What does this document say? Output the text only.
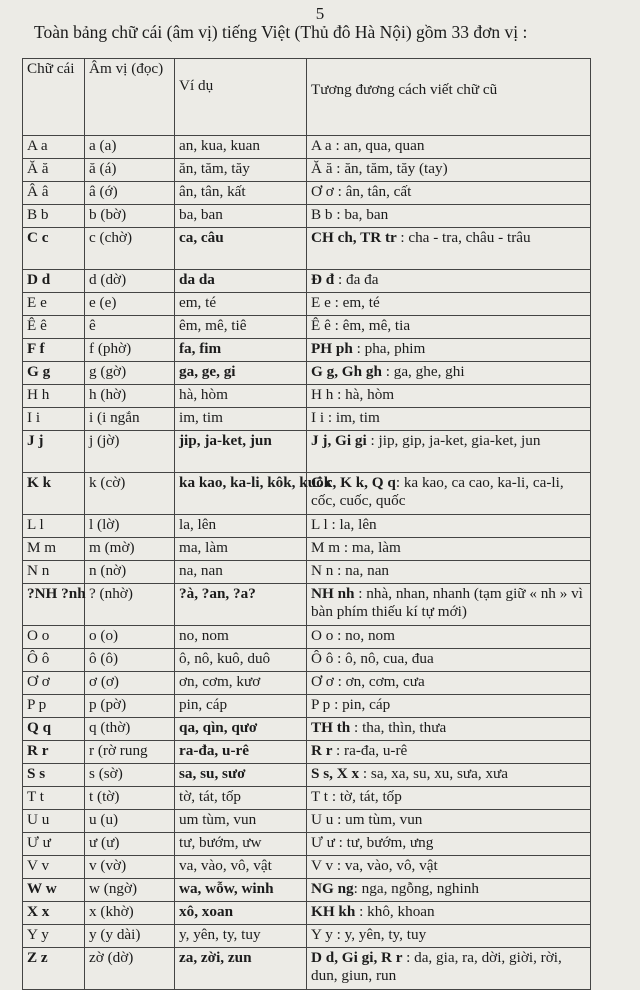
5
Toàn bảng chữ cái (âm vị) tiếng Việt (Thủ đô Hà Nội) gồm 33 đơn vị :
Chữ cái	Âm vị (đọc)	Ví dụ	Tương đương cách viết chữ cũ
A a	a (a)	an, kua, kuan	A a : an, qua, quan
Ă ă	ă (á)	ăn, tăm, tăy	Ă ă : ăn, tăm, tăy (tay)
Â â	â (ớ)	ân, tân, kất	Ơ ơ : ân, tân, cất
B b	b (bờ)	ba, ban	B b : ba, ban
C c	c (chờ)	ca, câu	CH ch, TR tr : cha - tra, châu - trâu
D d	d (dờ)	da da	Đ đ : đa đa
E e	e (e)	em, té	E e : em, té
Ê ê	ê	êm, mê, tiê	Ê ê : êm, mê, tia
F f	f (phờ)	fa, fim	PH ph : pha, phim
G g	g (gờ)	ga, ge, gi	G g, Gh gh : ga, ghe, ghi
H h	h (hờ)	hà, hòm	H h : hà, hòm
I i	i (i ngắn	im, tim	I i : im, tim
J j	j (jờ)	jip, ja-ket, jun	J j, Gi gi : jip, gip, ja-ket, gia-ket, jun
K k	k (cờ)	ka kao, ka-li, kôk, kuôk	C c, K k, Q q: ka kao, ca cao, ka-li, ca-li, cốc, cuốc, quốc
L l	l (lờ)	la, lên	L l : la, lên
M m	m (mờ)	ma, làm	M m : ma, làm
N n	n (nờ)	na, nan	N n : na, nan
?NH ?nh	? (nhờ)	?à, ?an, ?a?	NH nh : nhà, nhan, nhanh (tạm giữ « nh » vì bàn phím thiếu kí tự mới)
O o	o (o)	no, nom	O o : no, nom
Ô ô	ô (ô)	ô, nô, kuô, duô	Ô ô : ô, nô, cua, đua
Ơ ơ	ơ (ơ)	ơn, cơm, kươ	Ơ ơ : ơn, cơm, cưa
P p	p (pờ)	pin, cáp	P p : pin, cáp
Q q	q (thờ)	qa, qìn, qươ	TH th : tha, thìn, thưa
R r	r (rờ rung	ra-đa, u-rê	R r : ra-đa, u-rê
S s	s (sờ)	sa, su, sươ	S s, X x : sa, xa, su, xu, sưa, xưa
T t	t (tờ)	tờ, tát, tốp	T t : tờ, tát, tốp
U u	u (u)	um tùm, vun	U u : um tùm, vun
Ư ư	ư (ư)	tư, bướm, ưw	Ư ư : tư, bướm, ưng
V v	v (vờ)	va, vào, vô, vật	V v : va, vào, vô, vật
W w	w (ngờ)	wa, wỗw, winh	NG ng: nga, ngỗng, nghinh
X x	x (khờ)	xô, xoan	KH kh : khô, khoan
Y y	y (y dài)	y, yên, ty, tuy	Y y : y, yên, ty, tuy
Z z	zờ (dờ)	za, zời, zun	D d, Gi gi, R r : da, gia, ra, dời, giời, rời, dun, giun, run
